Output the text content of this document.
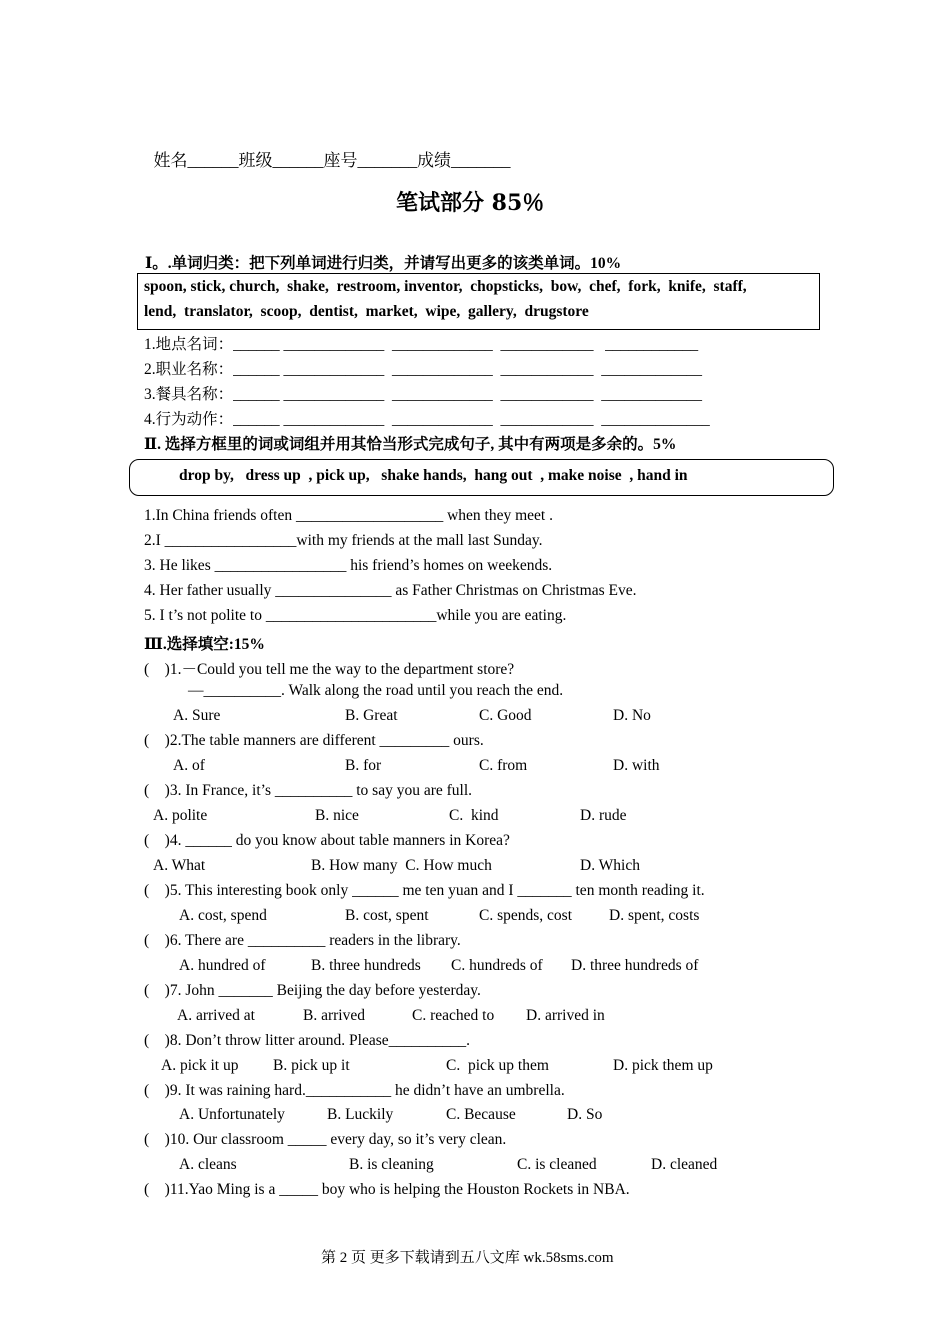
姓名______班级______座号_______成绩_______

笔试部分 85％
Ⅰ。.单词归类：把下列单词进行归类，并请写出更多的该类单词。10%
spoon, stick, church,  shake,  restroom, inventor,  chopsticks,  bow,  chef,  fork,  knife,  staff,
lend,  translator,  scoop,  dentist,  market,  wipe,  gallery,  drugstore
1.地点名词：______ _____________  _____________  ____________   ____________
2.职业名称：______ _____________  _____________  ____________  _____________
3.餐具名称：______ _____________  _____________  ____________  _____________
4.行为动作：______ _____________  _____________  ____________  ______________
Ⅱ. 选择方框里的词或词组并用其恰当形式完成句子, 其中有两项是多余的。5%
drop by,   dress up  , pick up,   shake hands,  hang out  , make noise  , hand in
1.In China friends often ___________________ when they meet .
2.I _________________with my friends at the mall last Sunday.
3. He likes _________________ his friend’s homes on weekends.
4. Her father usually _______________ as Father Christmas on Christmas Eve.
5. I t’s not polite to ______________________while you are eating.
Ⅲ.选择填空:15%
(    )1.－Could you tell me the way to the department store?
—__________. Walk along the road until you reach the end.
A. Sure	B. Great	C. Good	D. No
(    )2.The table manners are different _________ ours.
A. of	B. for	C. from	D. with
(    )3. In France, it’s __________ to say you are full.
A. polite	B. nice	C.  kind	D. rude
(    )4. ______ do you know about table manners in Korea?
A. What	B. How many  C. How much	D. Which
(    )5. This interesting book only ______ me ten yuan and I _______ ten month reading it.
A. cost, spend	B. cost, spent	C. spends, cost D. spent, costs
(    )6. There are __________ readers in the library.
A. hundred of	B. three hundreds C. hundreds of D. three hundreds of
(    )7. John _______ Beijing the day before yesterday.
A. arrived at	B. arrived	C. reached to D. arrived in
(    )8. Don’t throw litter around. Please__________.
A. pick it up B. pick up it	C.  pick up them	D. pick them up
(    )9. It was raining hard.___________ he didn’t have an umbrella.
A. Unfortunately	B. Luckily	C. Because	D. So
(    )10. Our classroom _____ every day, so it’s very clean.
A. cleans	B. is cleaning	C. is cleaned	D. cleaned
(    )11.Yao Ming is a _____ boy who is helping the Houston Rockets in NBA.
第 2 页 更多下载请到五八文库 wk.58sms.com
